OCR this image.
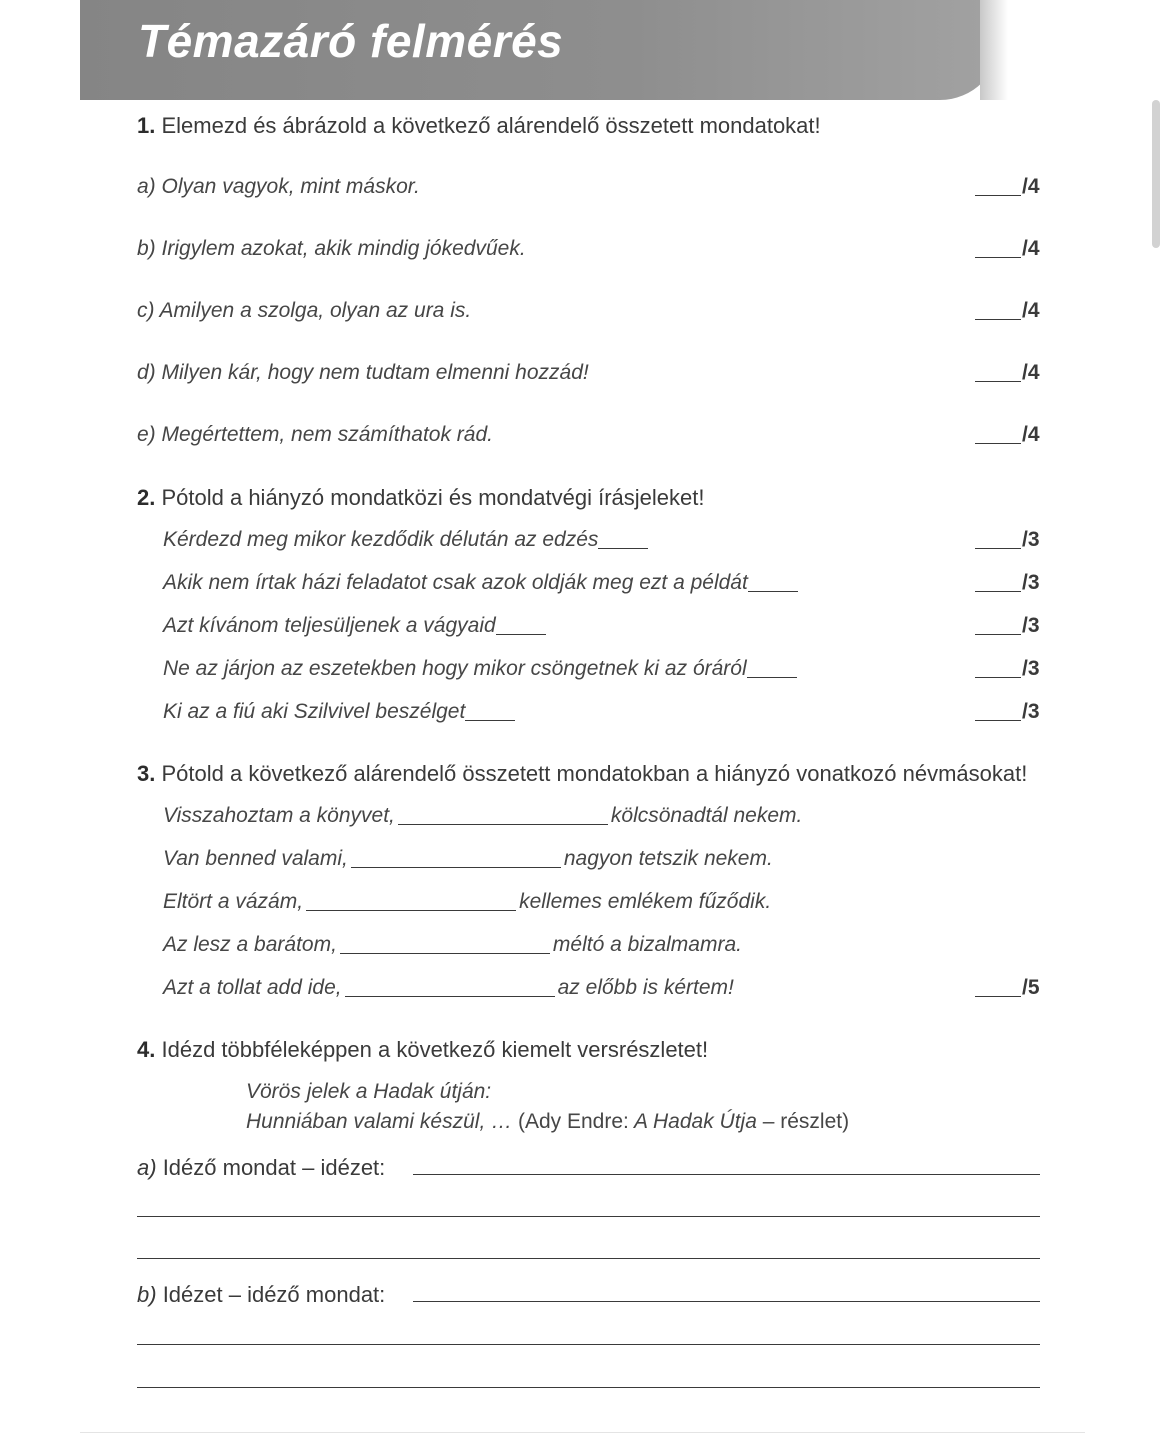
Témazáró felmérés
1. Elemezd és ábrázold a következő alárendelő összetett mondatokat!
a) Olyan vagyok, mint máskor.	/4
b) Irigylem azokat, akik mindig jókedvűek.	/4
c) Amilyen a szolga, olyan az ura is.	/4
d) Milyen kár, hogy nem tudtam elmenni hozzád!	/4
e) Megértettem, nem számíthatok rád.	/4
2. Pótold a hiányzó mondatközi és mondatvégi írásjeleket!
Kérdezd meg mikor kezdődik délután az edzés	/3
Akik nem írtak házi feladatot csak azok oldják meg ezt a példát	/3
Azt kívánom teljesüljenek a vágyaid	/3
Ne az járjon az eszetekben hogy mikor csöngetnek ki az óráról	/3
Ki az a fiú aki Szilvivel beszélget	/3
3. Pótold a következő alárendelő összetett mondatokban a hiányzó vonatkozó névmásokat!
Visszahoztam a könyvet,	kölcsönadtál nekem.
Van benned valami,	nagyon tetszik nekem.
Eltört a vázám,	kellemes emlékem fűződik.
Az lesz a barátom,	méltó a bizalmamra.
Azt a tollat add ide,	az előbb is kértem!	/5
4. Idézd többféleképpen a következő kiemelt versrészletet!
Vörös jelek a Hadak útján:
Hunniában valami készül, … (Ady Endre: A Hadak Útja – részlet)
a) Idéző mondat – idézet:
b) Idézet – idéző mondat:
